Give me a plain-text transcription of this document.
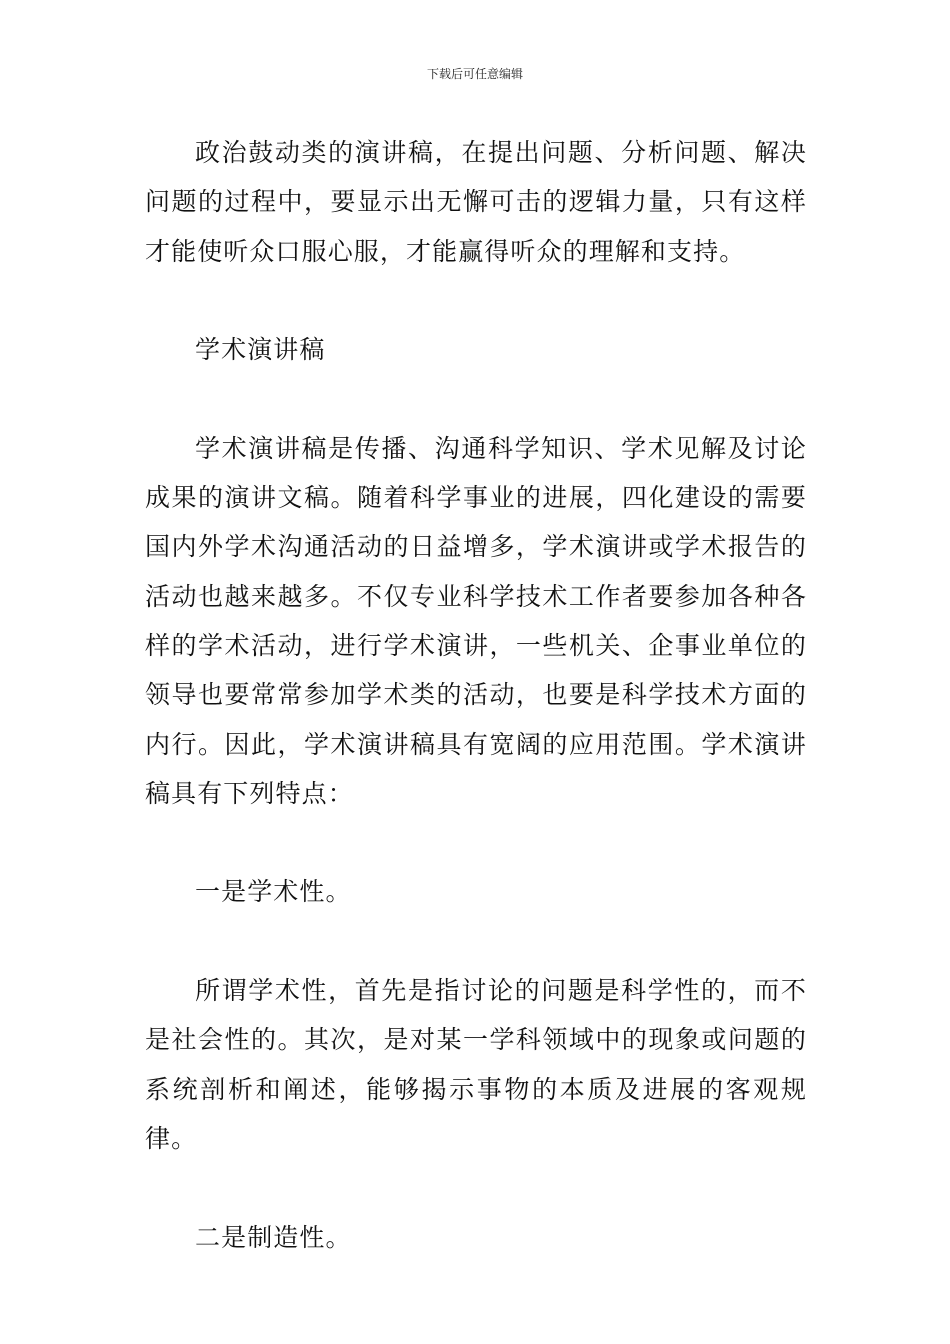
下载后可任意编辑

政治鼓动类的演讲稿，在提出问题、分析问题、解决问题的过程中，要显示出无懈可击的逻辑力量，只有这样才能使听众口服心服，才能赢得听众的理解和支持。

学术演讲稿

学术演讲稿是传播、沟通科学知识、学术见解及讨论成果的演讲文稿。随着科学事业的进展，四化建设的需要国内外学术沟通活动的日益增多，学术演讲或学术报告的活动也越来越多。不仅专业科学技术工作者要参加各种各样的学术活动，进行学术演讲，一些机关、企事业单位的领导也要常常参加学术类的活动，也要是科学技术方面的内行。因此，学术演讲稿具有宽阔的应用范围。学术演讲稿具有下列特点：

一是学术性。

所谓学术性，首先是指讨论的问题是科学性的，而不是社会性的。其次，是对某一学科领域中的现象或问题的系统剖析和阐述，能够揭示事物的本质及进展的客观规律。

二是制造性。
